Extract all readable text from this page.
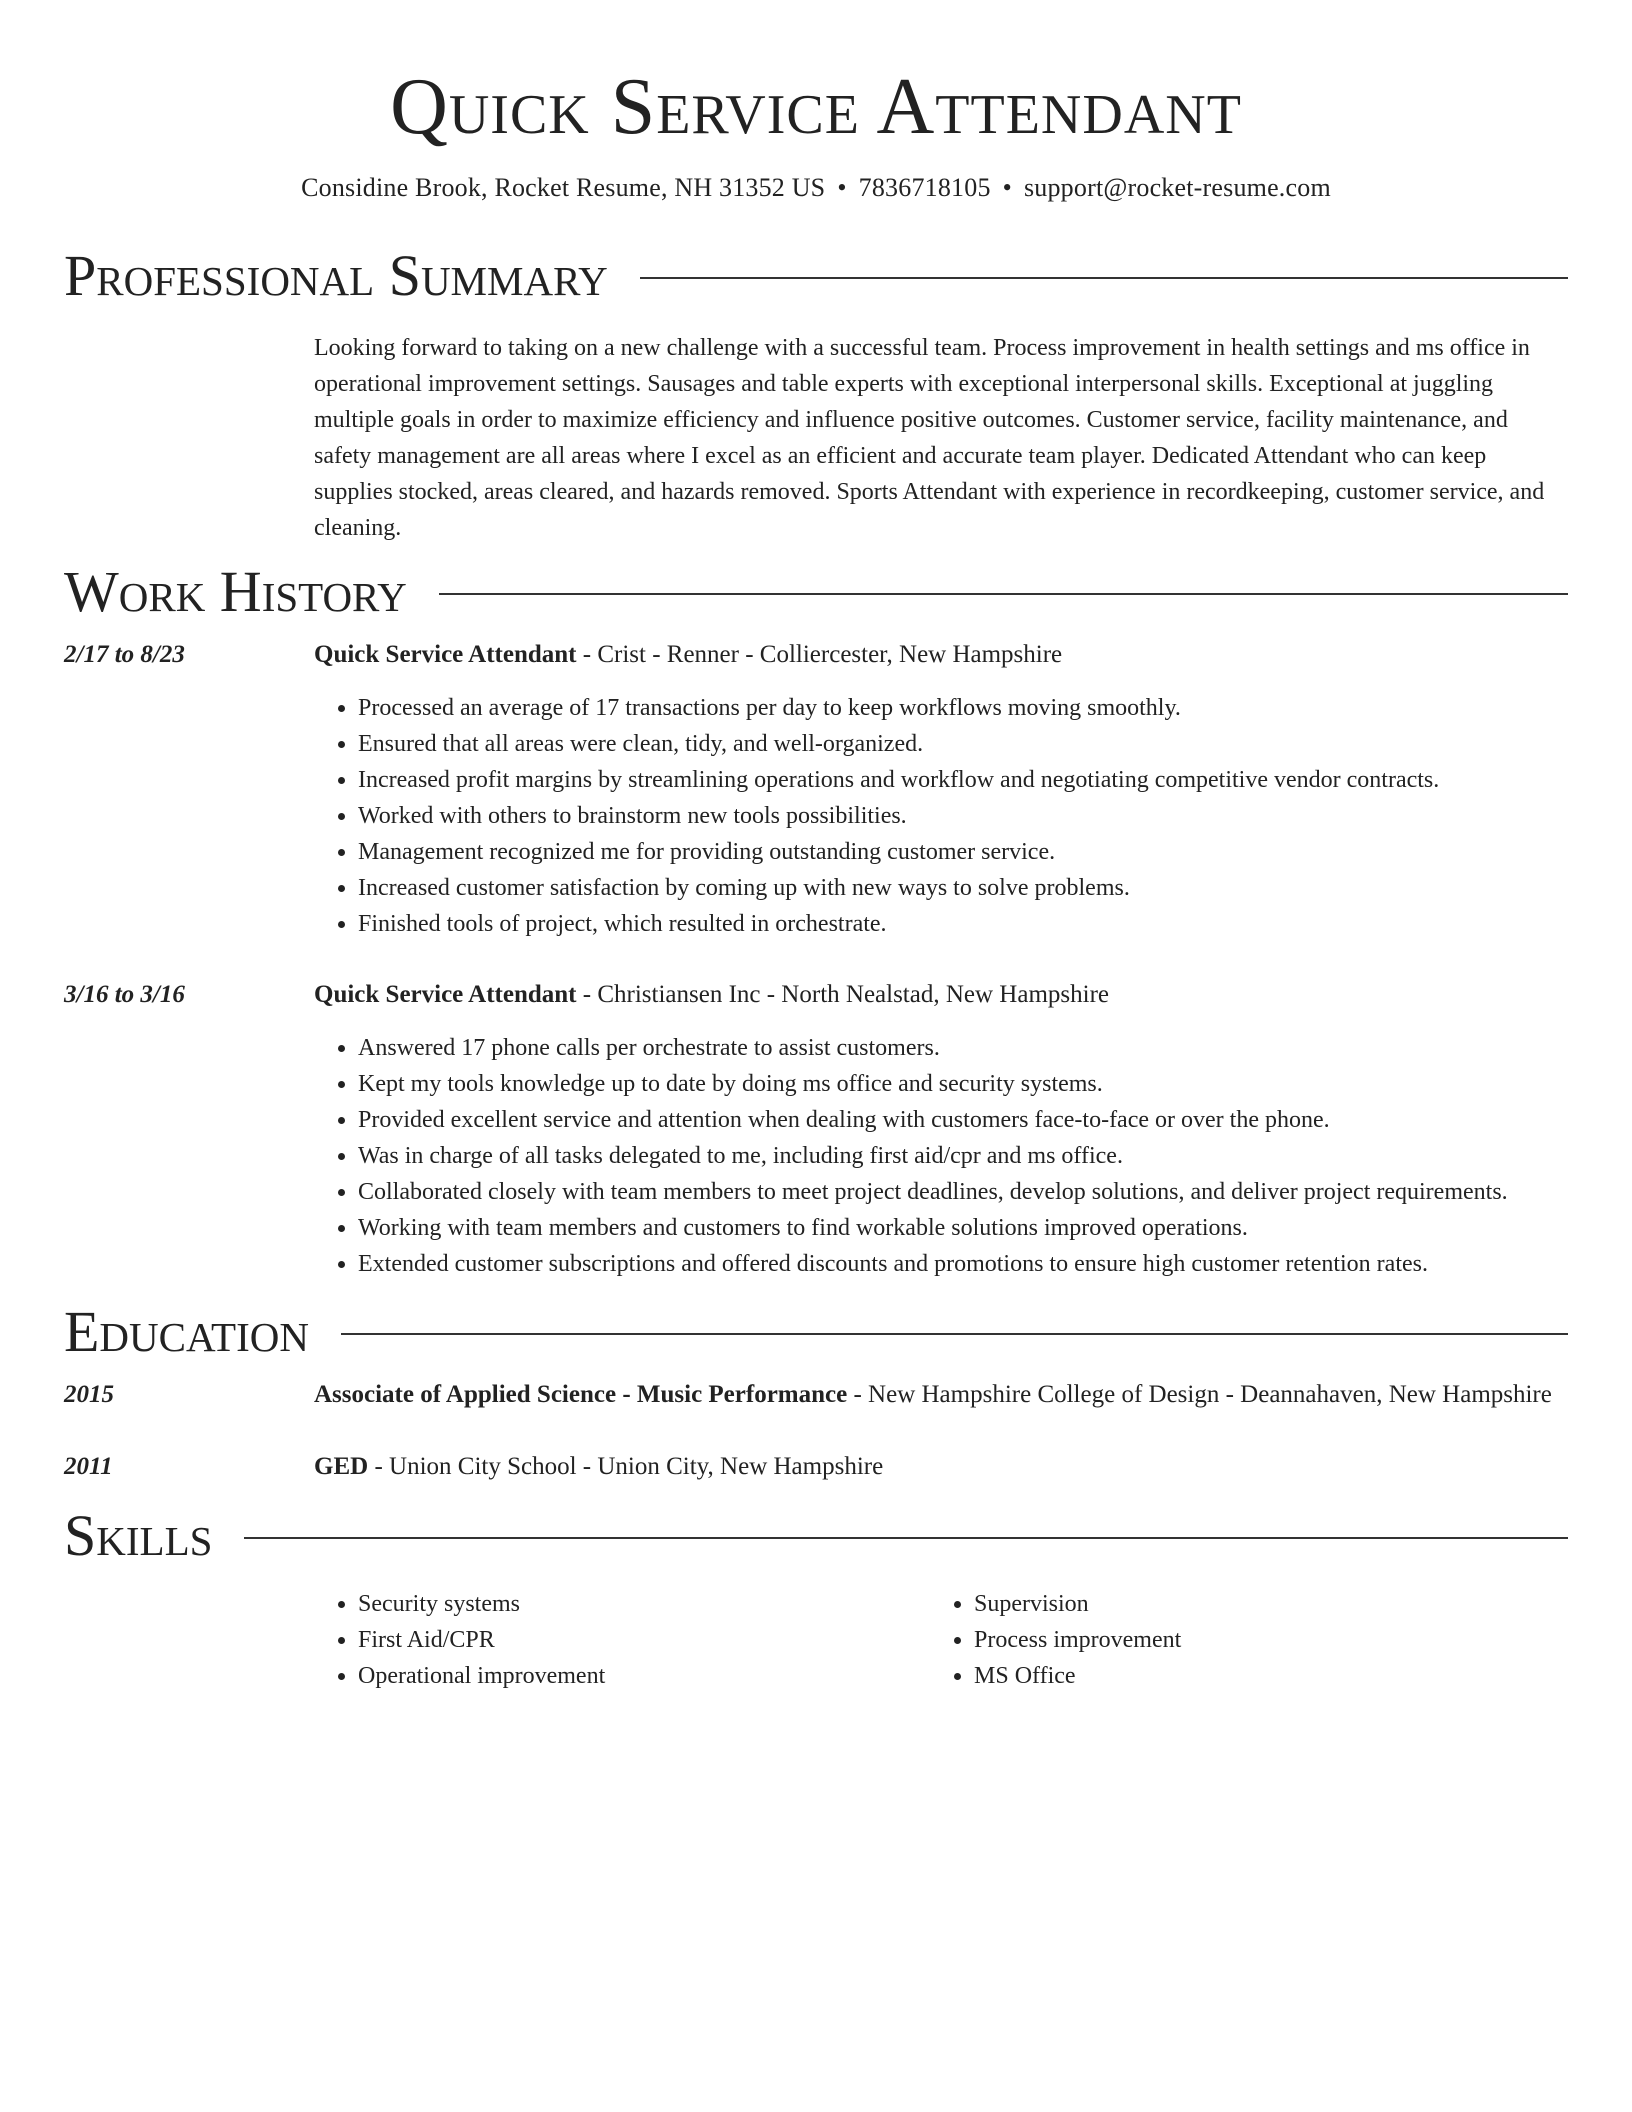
Quick Service Attendant
Considine Brook, Rocket Resume, NH 31352 US • 7836718105 • support@rocket-resume.com
Professional Summary

Looking forward to taking on a new challenge with a successful team. Process improvement in health settings and ms office in operational improvement settings. Sausages and table experts with exceptional interpersonal skills. Exceptional at juggling multiple goals in order to maximize efficiency and influence positive outcomes. Customer service, facility maintenance, and safety management are all areas where I excel as an efficient and accurate team player. Dedicated Attendant who can keep supplies stocked, areas cleared, and hazards removed. Sports Attendant with experience in recordkeeping, customer service, and cleaning.

Work History
2/17 to 8/23	Quick Service Attendant - Crist - Renner - Colliercester, New Hampshire
• Processed an average of 17 transactions per day to keep workflows moving smoothly.
• Ensured that all areas were clean, tidy, and well-organized.
• Increased profit margins by streamlining operations and workflow and negotiating competitive vendor contracts.
• Worked with others to brainstorm new tools possibilities.
• Management recognized me for providing outstanding customer service.
• Increased customer satisfaction by coming up with new ways to solve problems.
• Finished tools of project, which resulted in orchestrate.
3/16 to 3/16	Quick Service Attendant - Christiansen Inc - North Nealstad, New Hampshire
• Answered 17 phone calls per orchestrate to assist customers.
• Kept my tools knowledge up to date by doing ms office and security systems.
• Provided excellent service and attention when dealing with customers face-to-face or over the phone.
• Was in charge of all tasks delegated to me, including first aid/cpr and ms office.
• Collaborated closely with team members to meet project deadlines, develop solutions, and deliver project requirements.
• Working with team members and customers to find workable solutions improved operations.
• Extended customer subscriptions and offered discounts and promotions to ensure high customer retention rates.
Education
2015	Associate of Applied Science - Music Performance - New Hampshire College of Design - Deannahaven, New Hampshire
2011	GED - Union City School - Union City, New Hampshire
Skills
• Security systems
• First Aid/CPR
• Operational improvement
• Supervision
• Process improvement
• MS Office
